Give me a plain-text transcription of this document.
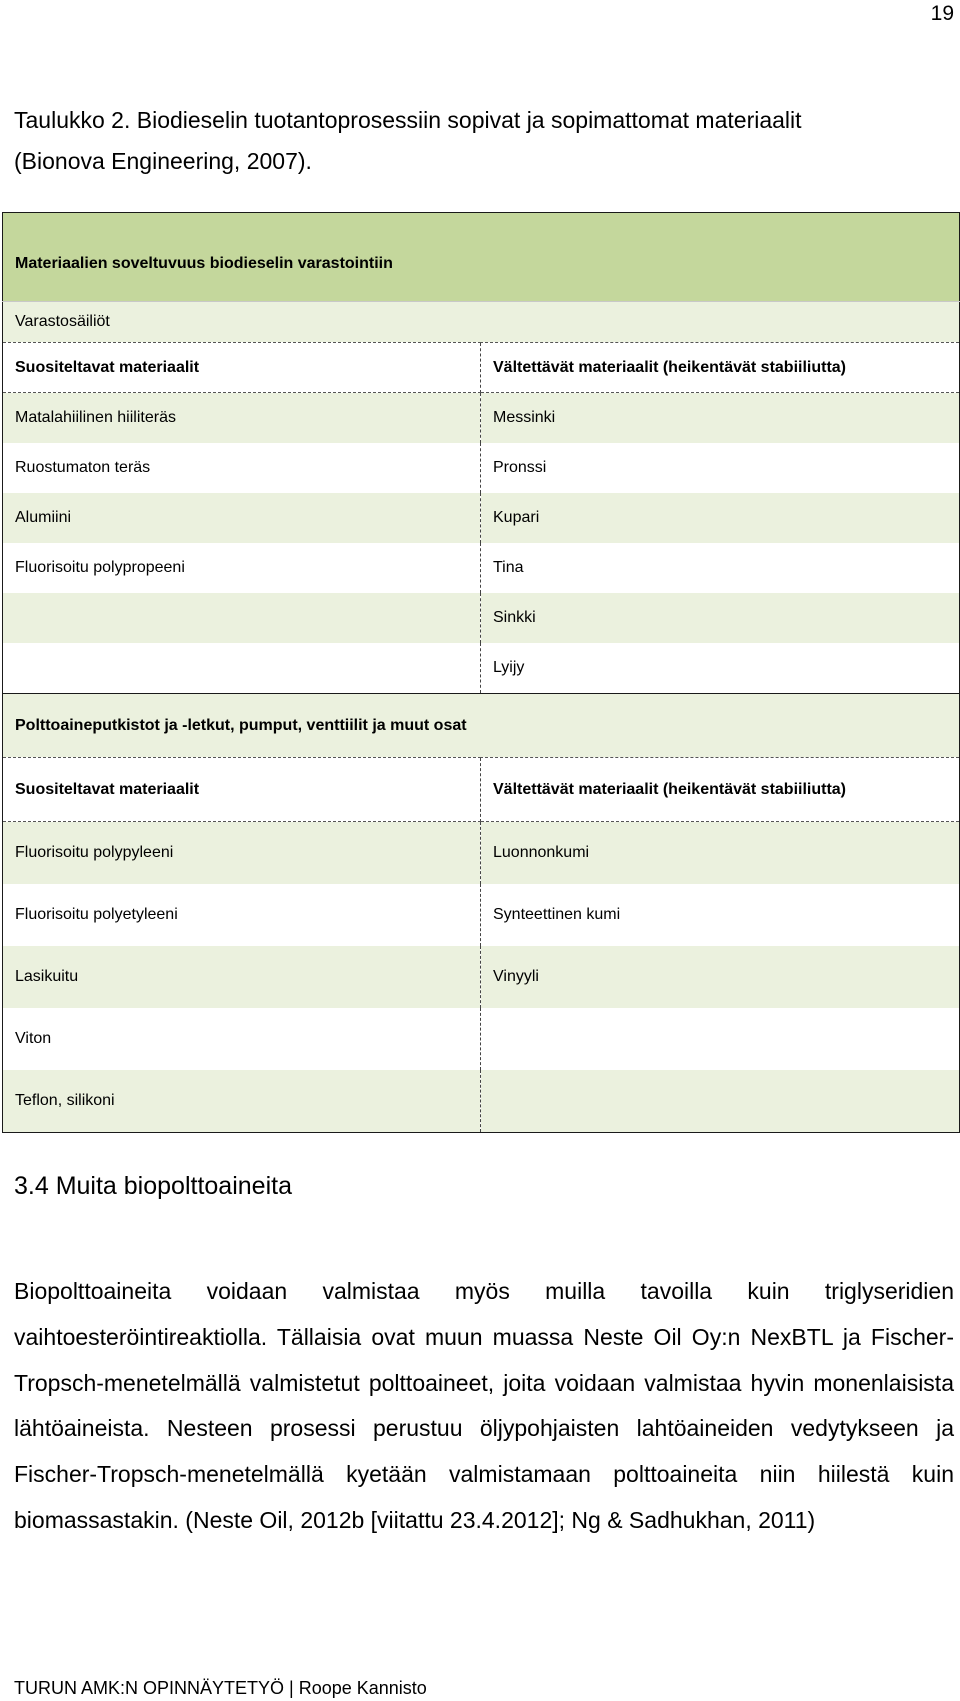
19
Taulukko 2. Biodieselin tuotantoprosessiin sopivat ja sopimattomat materiaalit
(Bionova Engineering, 2007).
Materiaalien soveltuvuus biodieselin varastointiin	
Varastosäiliöt	
Suositeltavat materiaalit	Vältettävät materiaalit (heikentävät stabiiliutta)
Matalahiilinen hiiliteräs	Messinki
Ruostumaton teräs	Pronssi
Alumiini	Kupari
Fluorisoitu polypropeeni	Tina
	Sinkki
	Lyijy
Polttoaineputkistot ja -letkut, pumput, venttiilit ja muut osat	
Suositeltavat materiaalit	Vältettävät materiaalit (heikentävät stabiiliutta)
Fluorisoitu polypyleeni	Luonnonkumi
Fluorisoitu polyetyleeni	Synteettinen kumi
Lasikuitu	Vinyyli
Viton	
Teflon, silikoni	
3.4 Muita biopolttoaineita

Biopolttoaineita voidaan valmistaa myös muilla tavoilla kuin triglyseridien vaihtoesteröintireaktiolla. Tällaisia ovat muun muassa Neste Oil Oy:n NexBTL ja Fischer-Tropsch-menetelmällä valmistetut polttoaineet, joita voidaan valmistaa hyvin monenlaisista lähtöaineista. Nesteen prosessi perustuu öljypohjaisten lahtöaineiden vedytykseen ja Fischer-Tropsch-menetelmällä kyetään valmistamaan polttoaineita niin hiilestä kuin biomassastakin. (Neste Oil, 2012b [viitattu 23.4.2012]; Ng & Sadhukhan, 2011)

TURUN AMK:N OPINNÄYTETYÖ | Roope Kannisto
